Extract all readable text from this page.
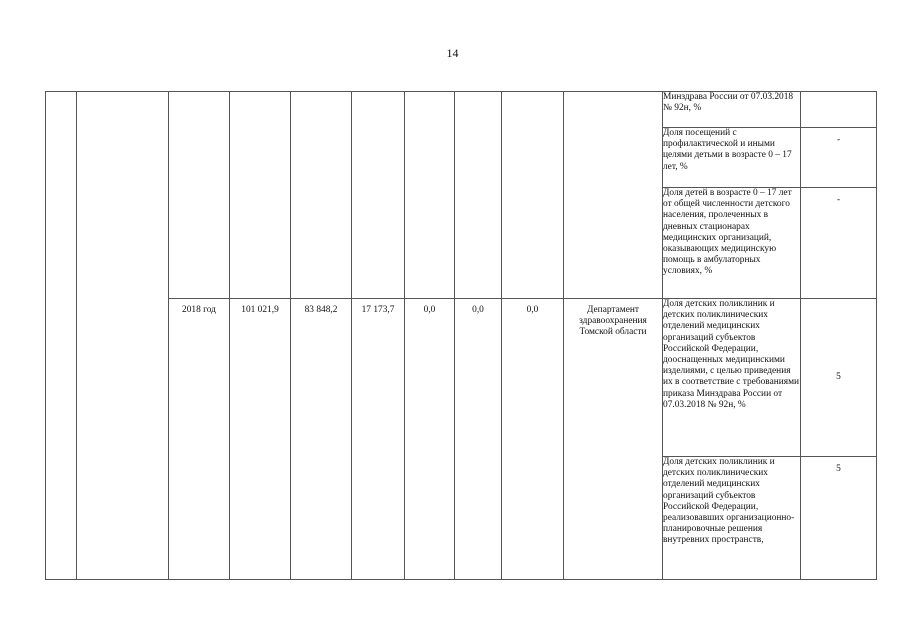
14
										Минздрава России от 07.03.2018 № 92н, %	
										Доля посещений с профилактической и иными целями детьми в возрасте 0 – 17 лет, %	-

										Доля детей в возрасте 0 – 17 лет от общей численности детского населения, пролеченных в дневных стационарах медицинских организаций, оказывающих медицинскую помощь в амбулаторных условиях, %	-

		2018 год	101 021,9	83 848,2	17 173,7	0,0	0,0	0,0	Департамент здравоохранения Томской области	Доля детских поликлиник и детских поликлинических отделений медицинских организаций субъектов Российской Федерации, дооснащенных медицинскими изделиями, с целью приведения их в соответствие с требованиями приказа Минздрава России от 07.03.2018 № 92н, %	5
										Доля детских поликлиник и детских поликлинических отделений медицинских организаций субъектов Российской Федерации, реализовавших организационно-планировочные решения внутревних пространств,	5
